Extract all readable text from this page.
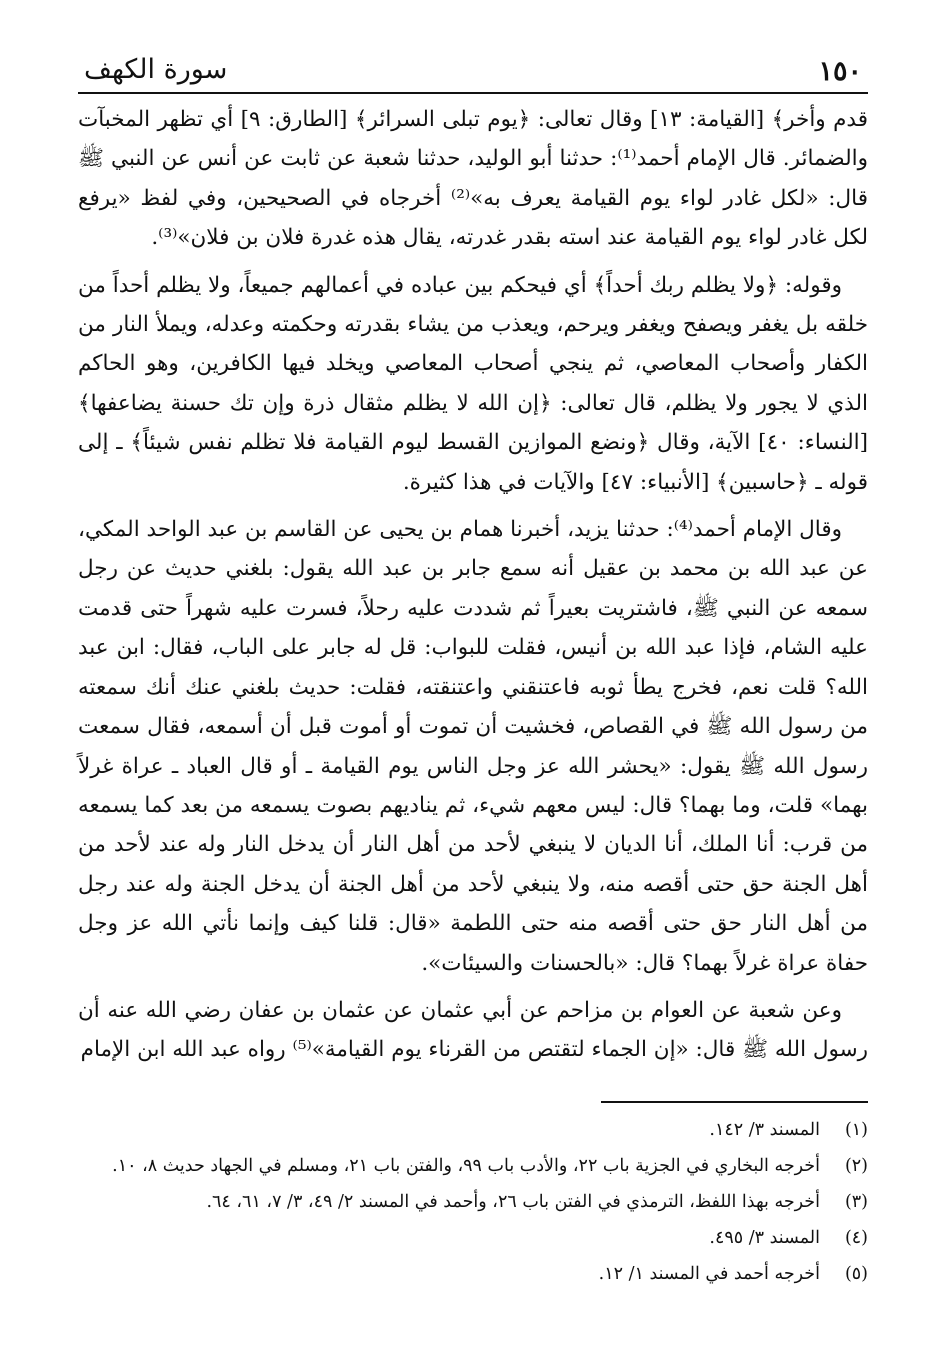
١٥٠
سورة الكهف

قدم وأخر﴾ [القيامة: ١٣] وقال تعالى: ﴿يوم تبلى السرائر﴾ [الطارق: ٩] أي تظهر المخبآت والضمائر. قال الإمام أحمد⁽¹⁾: حدثنا أبو الوليد، حدثنا شعبة عن ثابت عن أنس عن النبي ﷺ قال: «لكل غادر لواء يوم القيامة يعرف به»⁽²⁾ أخرجاه في الصحيحين، وفي لفظ «يرفع لكل غادر لواء يوم القيامة عند استه بقدر غدرته، يقال هذه غدرة فلان بن فلان»⁽³⁾.

وقوله: ﴿ولا يظلم ربك أحداً﴾ أي فيحكم بين عباده في أعمالهم جميعاً، ولا يظلم أحداً من خلقه بل يغفر ويصفح ويغفر ويرحم، ويعذب من يشاء بقدرته وحكمته وعدله، ويملأ النار من الكفار وأصحاب المعاصي، ثم ينجي أصحاب المعاصي ويخلد فيها الكافرين، وهو الحاكم الذي لا يجور ولا يظلم، قال تعالى: ﴿إن الله لا يظلم مثقال ذرة وإن تك حسنة يضاعفها﴾ [النساء: ٤٠] الآية، وقال ﴿ونضع الموازين القسط ليوم القيامة فلا تظلم نفس شيئاً﴾ ـ إلى قوله ـ ﴿حاسبين﴾ [الأنبياء: ٤٧] والآيات في هذا كثيرة.

وقال الإمام أحمد⁽⁴⁾: حدثنا يزيد، أخبرنا همام بن يحيى عن القاسم بن عبد الواحد المكي، عن عبد الله بن محمد بن عقيل أنه سمع جابر بن عبد الله يقول: بلغني حديث عن رجل سمعه عن النبي ﷺ، فاشتريت بعيراً ثم شددت عليه رحلاً، فسرت عليه شهراً حتى قدمت عليه الشام، فإذا عبد الله بن أنيس، فقلت للبواب: قل له جابر على الباب، فقال: ابن عبد الله؟ قلت نعم، فخرج يطأ ثوبه فاعتنقني واعتنقته، فقلت: حديث بلغني عنك أنك سمعته من رسول الله ﷺ في القصاص، فخشيت أن تموت أو أموت قبل أن أسمعه، فقال سمعت رسول الله ﷺ يقول: «يحشر الله عز وجل الناس يوم القيامة ـ أو قال العباد ـ عراة غرلاً بهما» قلت، وما بهما؟ قال: ليس معهم شيء، ثم يناديهم بصوت يسمعه من بعد كما يسمعه من قرب: أنا الملك، أنا الديان لا ينبغي لأحد من أهل النار أن يدخل النار وله عند لأحد من أهل الجنة حق حتى أقصه منه، ولا ينبغي لأحد من أهل الجنة أن يدخل الجنة وله عند رجل من أهل النار حق حتى أقصه منه حتى اللطمة «قال: قلنا كيف وإنما نأتي الله عز وجل حفاة عراة غرلاً بهما؟ قال: «بالحسنات والسيئات».

وعن شعبة عن العوام بن مزاحم عن أبي عثمان عن عثمان بن عفان رضي الله عنه أن رسول الله ﷺ قال: «إن الجماء لتقتص من القرناء يوم القيامة»⁽⁵⁾ رواه عبد الله ابن الإمام

(١)
المسند ٣/ ١٤٢.
(٢)
أخرجه البخاري في الجزية باب ٢٢، والأدب باب ٩٩، والفتن باب ٢١، ومسلم في الجهاد حديث ٨، ١٠.
(٣)
أخرجه بهذا اللفظ، الترمذي في الفتن باب ٢٦، وأحمد في المسند ٢/ ٤٩، ٣/ ٧، ٦١، ٦٤.
(٤)
المسند ٣/ ٤٩٥.
(٥)
أخرجه أحمد في المسند ١/ ١٢.
